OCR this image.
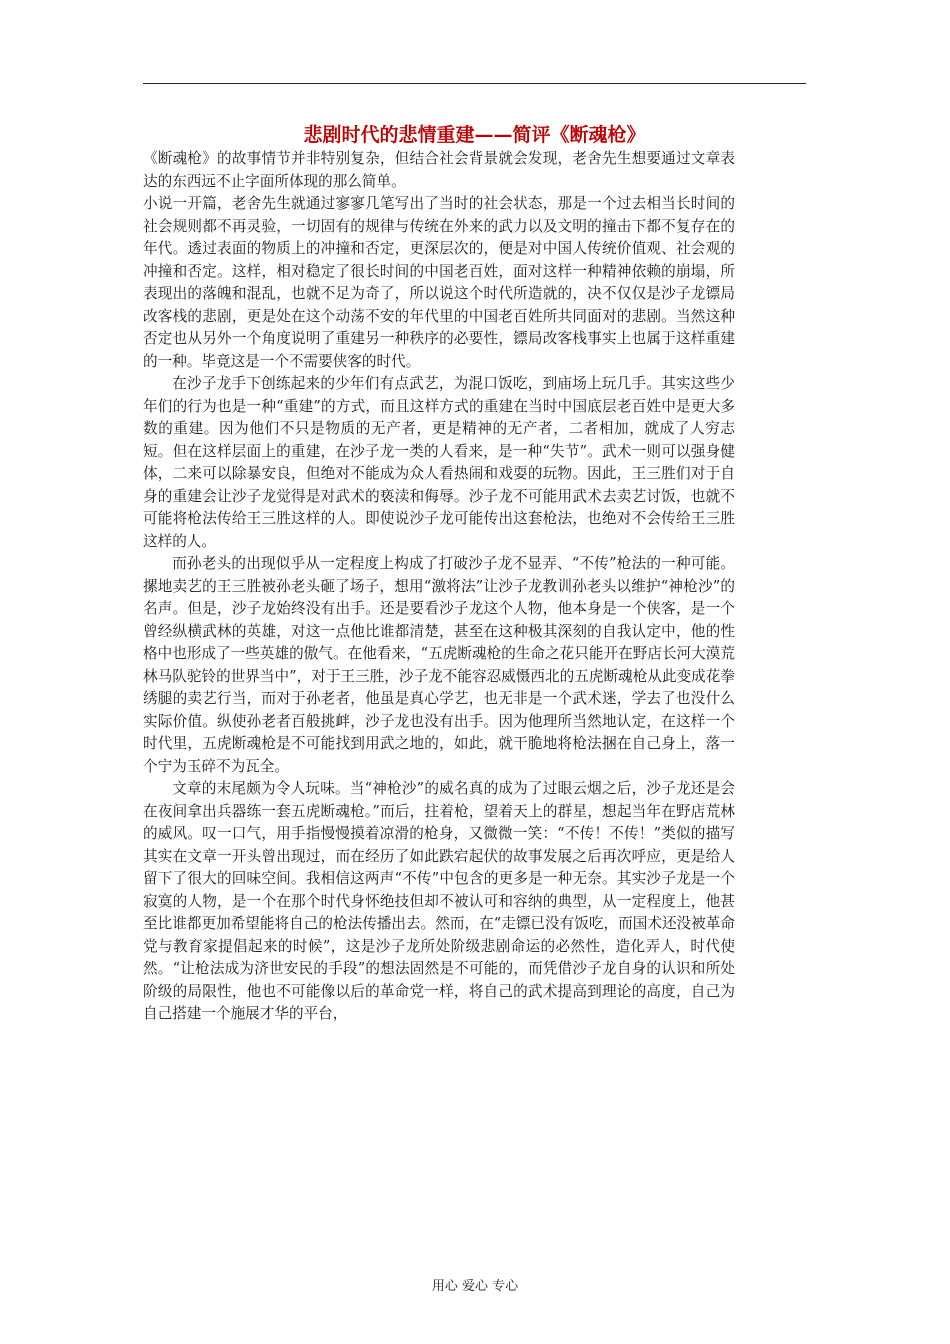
悲剧时代的悲情重建——简评《断魂枪》

《断魂枪》的故事情节并非特别复杂，但结合社会背景就会发现，老舍先生想要通过文章表达的东西远不止字面所体现的那么简单。

小说一开篇，老舍先生就通过寥寥几笔写出了当时的社会状态，那是一个过去相当长时间的社会规则都不再灵验，一切固有的规律与传统在外来的武力以及文明的撞击下都不复存在的年代。透过表面的物质上的冲撞和否定，更深层次的，便是对中国人传统价值观、社会观的冲撞和否定。这样，相对稳定了很长时间的中国老百姓，面对这样一种精神依赖的崩塌，所表现出的落魄和混乱，也就不足为奇了，所以说这个时代所造就的，决不仅仅是沙子龙镖局改客栈的悲剧，更是处在这个动荡不安的年代里的中国老百姓所共同面对的悲剧。当然这种否定也从另外一个角度说明了重建另一种秩序的必要性，镖局改客栈事实上也属于这样重建的一种。毕竟这是一个不需要侠客的时代。

在沙子龙手下创练起来的少年们有点武艺，为混口饭吃，到庙场上玩几手。其实这些少年们的行为也是一种“重建”的方式，而且这样方式的重建在当时中国底层老百姓中是更大多数的重建。因为他们不只是物质的无产者，更是精神的无产者，二者相加，就成了人穷志短。但在这样层面上的重建，在沙子龙一类的人看来，是一种“失节”。武术一则可以强身健体，二来可以除暴安良，但绝对不能成为众人看热闹和戏耍的玩物。因此，王三胜们对于自身的重建会让沙子龙觉得是对武术的亵渎和侮辱。沙子龙不可能用武术去卖艺讨饭，也就不可能将枪法传给王三胜这样的人。即使说沙子龙可能传出这套枪法，也绝对不会传给王三胜这样的人。

而孙老头的出现似乎从一定程度上构成了打破沙子龙不显弄、“不传”枪法的一种可能。摞地卖艺的王三胜被孙老头砸了场子，想用“激将法”让沙子龙教训孙老头以维护“神枪沙”的名声。但是，沙子龙始终没有出手。还是要看沙子龙这个人物，他本身是一个侠客，是一个曾经纵横武林的英雄，对这一点他比谁都清楚，甚至在这种极其深刻的自我认定中，他的性格中也形成了一些英雄的傲气。在他看来，“五虎断魂枪的生命之花只能开在野店长河大漠荒林马队驼铃的世界当中”，对于王三胜，沙子龙不能容忍威慑西北的五虎断魂枪从此变成花拳绣腿的卖艺行当，而对于孙老者，他虽是真心学艺，也无非是一个武术迷，学去了也没什么实际价值。纵使孙老者百般挑衅，沙子龙也没有出手。因为他理所当然地认定，在这样一个时代里，五虎断魂枪是不可能找到用武之地的，如此，就干脆地将枪法捆在自己身上，落一个宁为玉碎不为瓦全。

文章的末尾颇为令人玩味。当“神枪沙”的威名真的成为了过眼云烟之后，沙子龙还是会在夜间拿出兵器练一套五虎断魂枪。”而后，拄着枪，望着天上的群星，想起当年在野店荒林的威风。叹一口气，用手指慢慢摸着凉滑的枪身，又微微一笑：“不传！不传！”类似的描写其实在文章一开头曾出现过，而在经历了如此跌宕起伏的故事发展之后再次呼应，更是给人留下了很大的回味空间。我相信这两声“不传”中包含的更多是一种无奈。其实沙子龙是一个寂寞的人物，是一个在那个时代身怀绝技但却不被认可和容纳的典型，从一定程度上，他甚至比谁都更加希望能将自己的枪法传播出去。然而，在“走镖已没有饭吃，而国术还没被革命党与教育家提倡起来的时候”，这是沙子龙所处阶级悲剧命运的必然性，造化弄人，时代使然。“让枪法成为济世安民的手段”的想法固然是不可能的，而凭借沙子龙自身的认识和所处阶级的局限性，他也不可能像以后的革命党一样，将自己的武术提高到理论的高度，自己为自己搭建一个施展才华的平台，

用心 爱心 专心
